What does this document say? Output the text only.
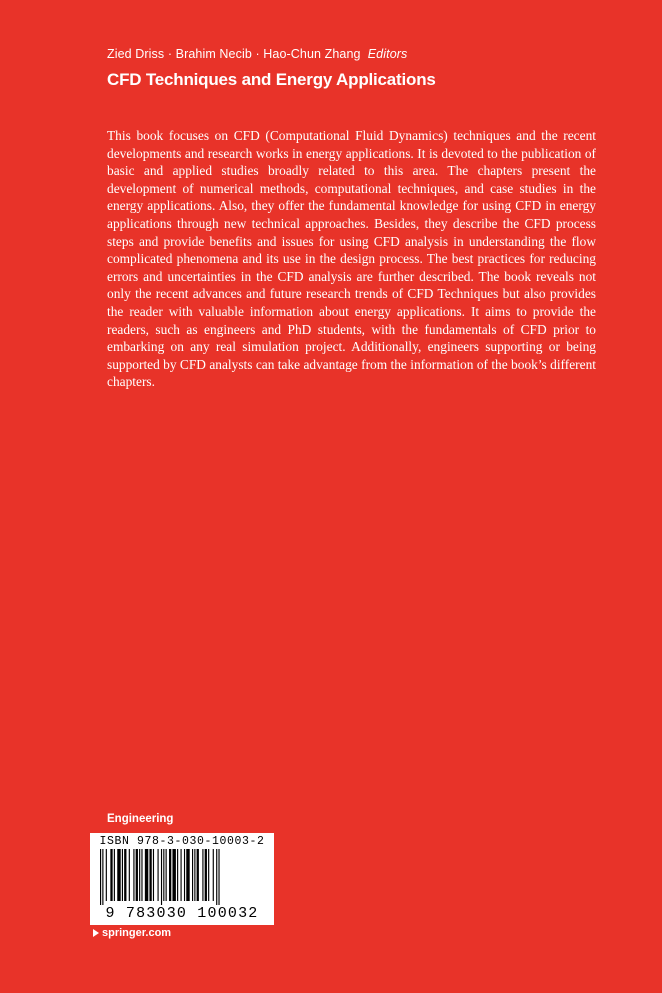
Zied Driss · Brahim Necib · Hao-Chun Zhang Editors
CFD Techniques and Energy Applications

This book focuses on CFD (Computational Fluid Dynamics) techniques and the recent developments and research works in energy applications. It is devoted to the publication of basic and applied studies broadly related to this area. The chapters present the development of numerical methods, computational techniques, and case studies in the energy applications. Also, they offer the fundamental knowledge for using CFD in energy applications through new technical approaches. Besides, they describe the CFD process steps and provide benefits and issues for using CFD analysis in understanding the flow complicated phenomena and its use in the design process. The best practices for reducing errors and uncertainties in the CFD analysis are further described. The book reveals not only the recent advances and future research trends of CFD Techniques but also provides the reader with valuable information about energy applications. It aims to provide the readers, such as engineers and PhD students, with the fundamentals of CFD prior to embarking on any real simulation project. Additionally, engineers supporting or being supported by CFD analysts can take advantage from the information of the book’s different chapters.

Engineering
ISBN 978-3-030-10003-2
9 783030 100032
springer.com
